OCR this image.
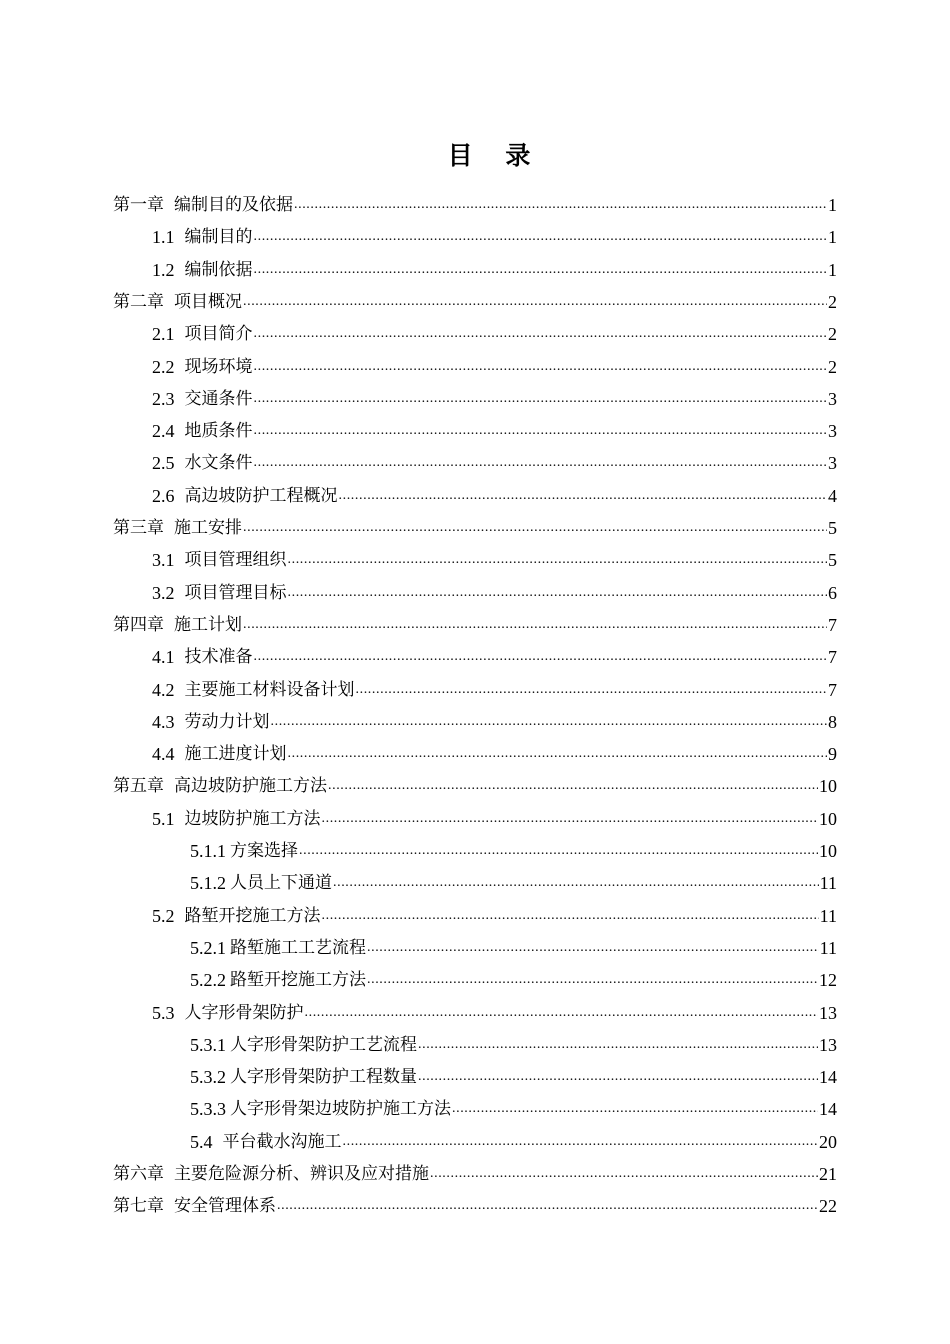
目 录
第一章 编制目的及依据 .....	1
1.1 编制目的 .....	1
1.2 编制依据 .....	1
第二章 项目概况 .....	2
2.1 项目简介 .....	2
2.2 现场环境 .....	2
2.3 交通条件 .....	3
2.4 地质条件 .....	3
2.5 水文条件 .....	3
2.6 高边坡防护工程概况 .....	4
第三章 施工安排 .....	5
3.1 项目管理组织 .....	5
3.2 项目管理目标 .....	6
第四章 施工计划 .....	7
4.1 技术准备 .....	7
4.2 主要施工材料设备计划 .....	7
4.3 劳动力计划 .....	8
4.4 施工进度计划 .....	9
第五章 高边坡防护施工方法 .....	10
5.1 边坡防护施工方法 .....	10
5.1.1 方案选择 .....	10
5.1.2 人员上下通道 .....	11
5.2 路堑开挖施工方法 .....	11
5.2.1 路堑施工工艺流程 .....	11
5.2.2 路堑开挖施工方法 .....	12
5.3 人字形骨架防护 .....	13
5.3.1 人字形骨架防护工艺流程 .....	13
5.3.2 人字形骨架防护工程数量 .....	14
5.3.3 人字形骨架边坡防护施工方法 .....	14
5.4 平台截水沟施工 .....	20
第六章 主要危险源分析、辨识及应对措施 .....	21
第七章 安全管理体系 .....	22
